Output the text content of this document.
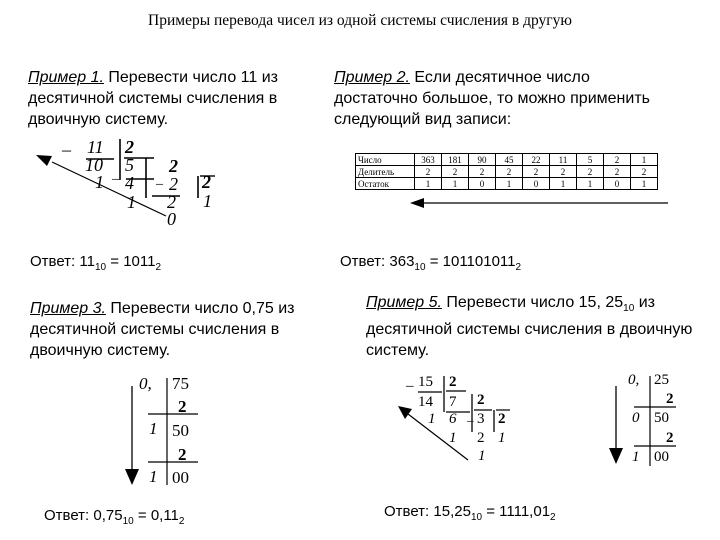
Примеры перевода чисел из одной системы счисления в другую
Пример 1. Перевести число 11 из десятичной системы счисления в двоичную систему.
_ 11
10
1
2
5
_ 4
1
2
_ 2
2
0
2
1
Ответ: $11_{10} = 1011_2$
Пример 2. Если десятичное число достаточно большое, то можно применить следующий вид записи:
Число	363	181	90	45	22	11	5	2	1
Делитель	2	2	2	2	2	2	2	2	2
Остаток	1	1	0	1	0	1	1	0	1
Ответ: $363_{10} = 101101011_2$
Пример 3. Перевести число 0,75 из десятичной системы счисления в двоичную систему.
0,
1
1
75
2
50
2
00
Ответ: $0,75_{10} = 0,11_2$
Пример 5. Перевести число 15, $25_{10}$ из десятичной системы счисления в двоичную систему.
_ 15 2
14 7
1 6
2
1
_ 3 2
2 1
1
0,
0
1
25
2
50
2
00
Ответ: $15,25_{10} = 1111,01_2$
